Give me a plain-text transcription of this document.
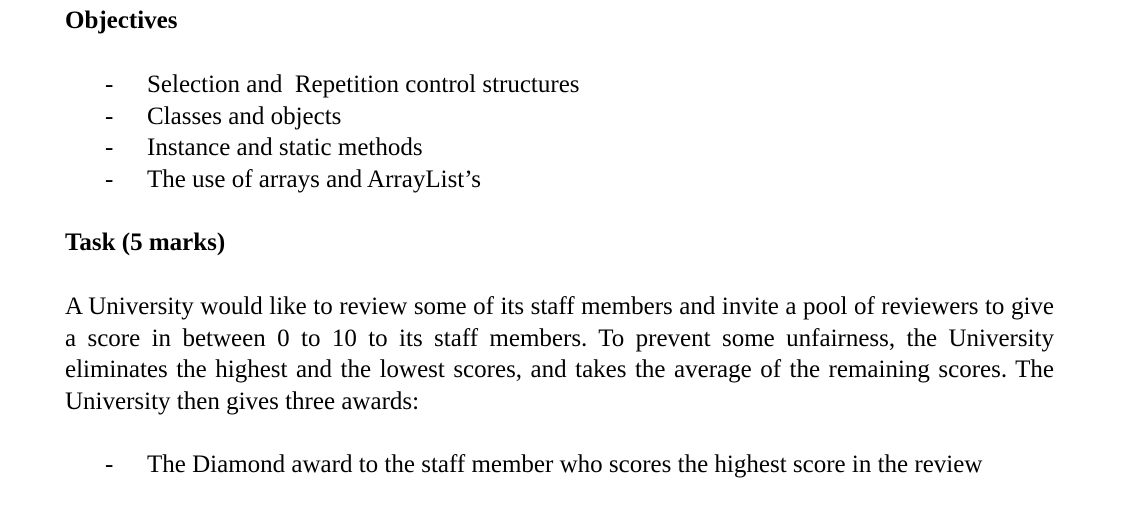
Objectives
- Selection and  Repetition control structures
- Classes and objects
- Instance and static methods
- The use of arrays and ArrayList’s
Task (5 marks)

A University would like to review some of its staff members and invite a pool of reviewers to give a score in between 0 to 10 to its staff members. To prevent some unfairness, the University eliminates the highest and the lowest scores, and takes the average of the remaining scores. The University then gives three awards:

- The Diamond award to the staff member who scores the highest score in the review
